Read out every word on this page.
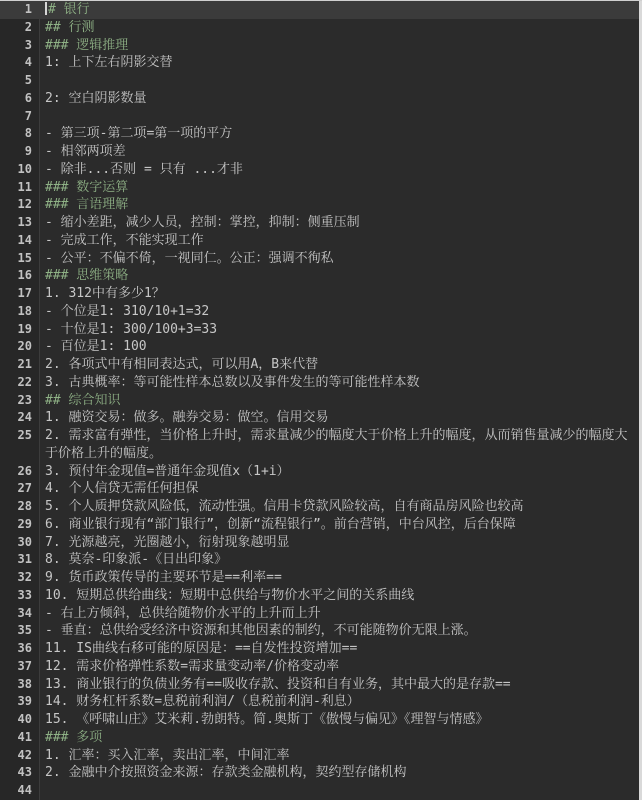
1	# 银行
2	## 行测
3	### 逻辑推理
4	1: 上下左右阴影交替
5
6	2: 空白阴影数量
7
8	- 第三项-第二项=第一项的平方
9	- 相邻两项差
10	- 除非...否则 = 只有 ...才非
11	### 数字运算
12	### 言语理解
13	- 缩小差距，减少人员，控制：掌控，抑制：侧重压制
14	- 完成工作，不能实现工作
15	- 公平：不偏不倚，一视同仁。公正：强调不徇私
16	### 思维策略
17	1. 312中有多少1？
18	- 个位是1: 310/10+1=32
19	- 十位是1: 300/100+3=33
20	- 百位是1: 100
21	2. 各项式中有相同表达式，可以用A，B来代替
22	3. 古典概率：等可能性样本总数以及事件发生的等可能性样本数
23	## 综合知识
24	1. 融资交易：做多。融券交易：做空。信用交易
25	2. 需求富有弹性，当价格上升时，需求量减少的幅度大于价格上升的幅度，从而销售量减少的幅度大于价格上升的幅度。
26	3. 预付年金现值=普通年金现值x（1+i）
27	4. 个人信贷无需任何担保
28	5. 个人质押贷款风险低，流动性强。信用卡贷款风险较高，自有商品房风险也较高
29	6. 商业银行现有“部门银行”，创新“流程银行”。前台营销，中台风控，后台保障
30	7. 光源越亮，光圈越小，衍射现象越明显
31	8. 莫奈-印象派-《日出印象》
32	9. 货币政策传导的主要环节是==利率==
33	10. 短期总供给曲线：短期中总供给与物价水平之间的关系曲线
34	- 右上方倾斜，总供给随物价水平的上升而上升
35	- 垂直：总供给受经济中资源和其他因素的制约，不可能随物价无限上涨。
36	11. IS曲线右移可能的原因是：==自发性投资增加==
37	12. 需求价格弹性系数=需求量变动率/价格变动率
38	13. 商业银行的负债业务有==吸收存款、投资和自有业务，其中最大的是存款==
39	14. 财务杠杆系数=息税前利润/（息税前利润-利息）
40	15. 《呼啸山庄》艾米莉.勃朗特。简.奥斯丁《傲慢与偏见》《理智与情感》
41	### 多项
42	1. 汇率：买入汇率，卖出汇率，中间汇率
43	2. 金融中介按照资金来源：存款类金融机构，契约型存储机构
44
